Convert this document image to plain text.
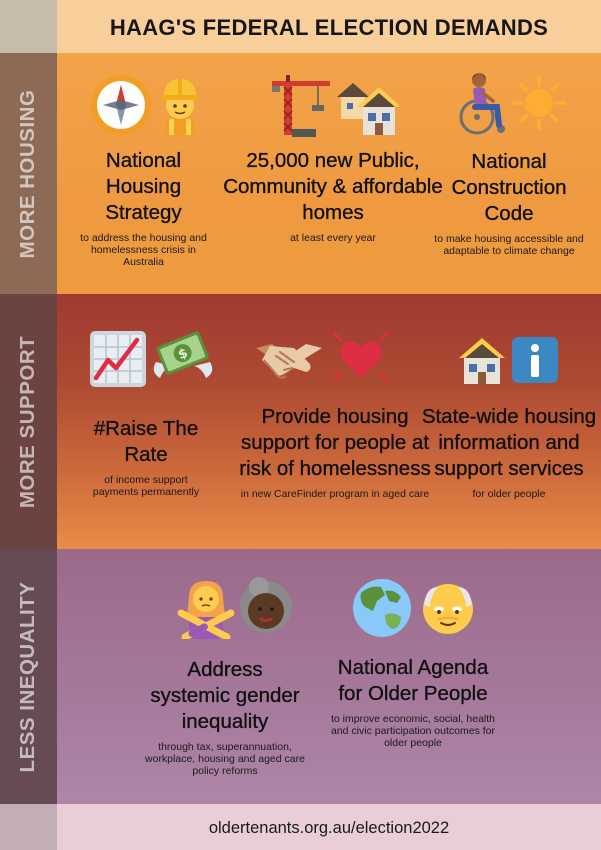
HAAG'S FEDERAL ELECTION DEMANDS
MORE HOUSING	National Housing Strategy

to address the housing and homelessness crisis in Australia

25,000 new Public, Community & affordable homes

at least every year

National Construction Code

to make housing accessible and adaptable to climate change

MORE SUPPORT	$
#Raise The Rate

of income support payments permanently

Provide housing support for people at risk of homelessness

in new CareFinder program in aged care

State-wide housing information and support services

for older people

LESS INEQUALITY	Address systemic gender inequality

through tax, superannuation, workplace, housing and aged care policy reforms

National Agenda for Older People

to improve economic, social, health and civic participation outcomes for older people

oldertenants.org.au/election2022
